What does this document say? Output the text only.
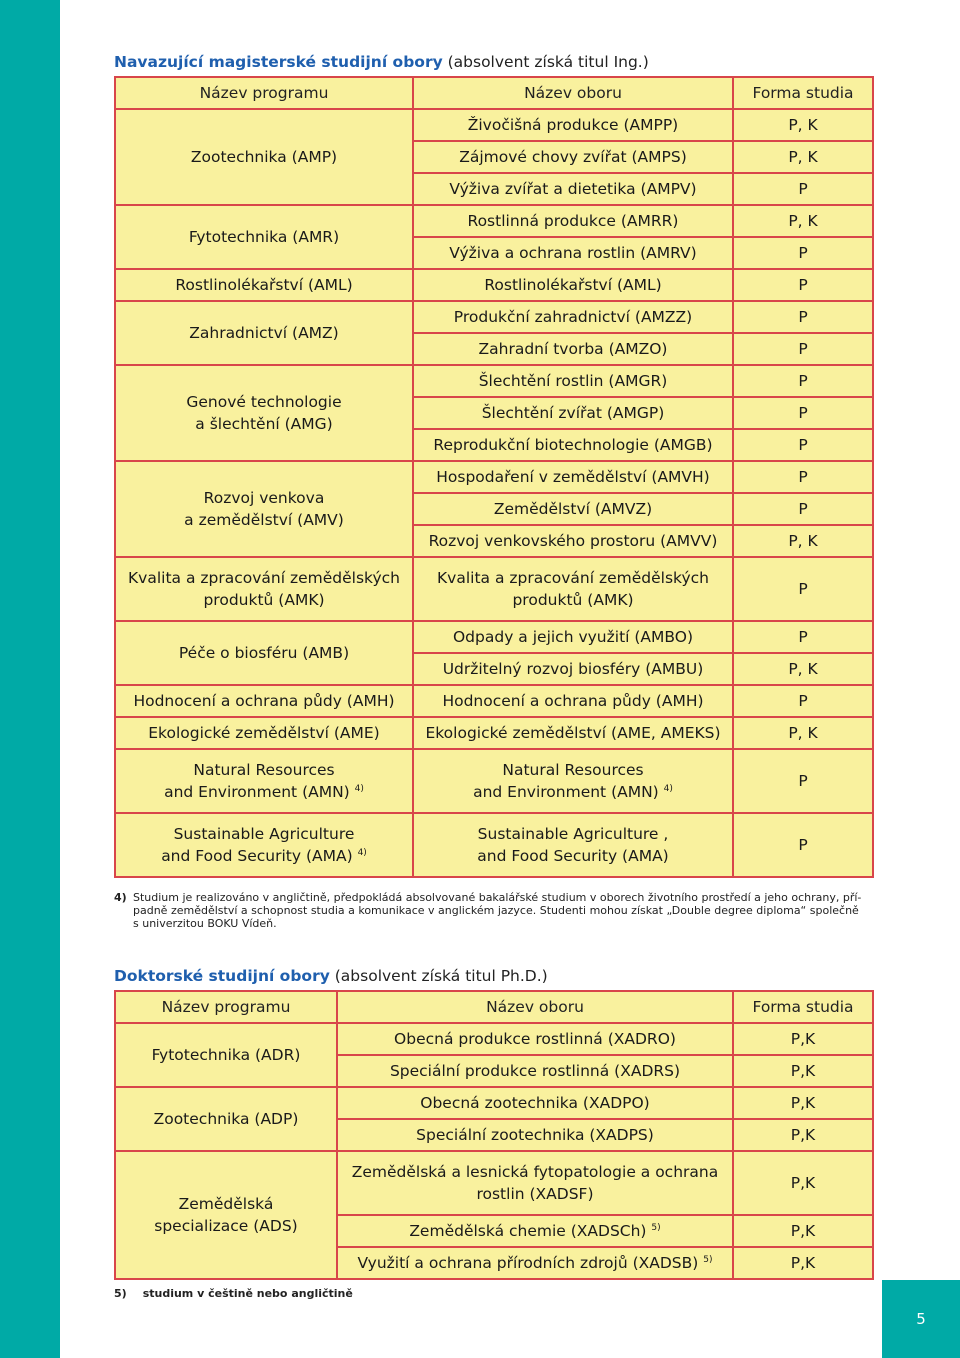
Navazující magisterské studijní obory (absolvent získá titul Ing.)
Název programu	Název oboru	Forma studia
Zootechnika (AMP)	Živočišná produkce (AMPP)	P, K
	Zájmové chovy zvířat (AMPS)	P, K
	Výživa zvířat a dietetika (AMPV)	P
Fytotechnika (AMR)	Rostlinná produkce (AMRR)	P, K
	Výživa a ochrana rostlin (AMRV)	P
Rostlinolékařství (AML)	Rostlinolékařství (AML)	P
Zahradnictví (AMZ)	Produkční zahradnictví (AMZZ)	P
	Zahradní tvorba (AMZO)	P
Genové technologie
a šlechtění (AMG)	Šlechtění rostlin (AMGR)	P
	Šlechtění zvířat (AMGP)	P
	Reprodukční biotechnologie (AMGB)	P
Rozvoj venkova
a zemědělství (AMV)	Hospodaření v zemědělství (AMVH)	P
	Zemědělství (AMVZ)	P
	Rozvoj venkovského prostoru (AMVV)	P, K
Kvalita a zpracování zemědělských
produktů (AMK)	Kvalita a zpracování zemědělských
produktů (AMK)	P
Péče o biosféru (AMB)	Odpady a jejich využití (AMBO)	P
	Udržitelný rozvoj biosféry (AMBU)	P, K
Hodnocení a ochrana půdy (AMH)	Hodnocení a ochrana půdy (AMH)	P
Ekologické zemědělství (AME)	Ekologické zemědělství (AME, AMEKS)	P, K
Natural Resources
and Environment (AMN) $^{4)}$	Natural Resources
and Environment (AMN) $^{4)}$	P
Sustainable Agriculture
and Food Security (AMA) $^{4)}$	Sustainable Agriculture ,
and Food Security (AMA)	P
4) Studium je realizováno v angličtině, předpokládá absolvované bakalářské studium v oborech životního prostředí a jeho ochrany, pří-
padně zemědělství a schopnost studia a komunikace v anglickém jazyce. Studenti mohou získat „Double degree diploma“ společně
s univerzitou BOKU Vídeň.
Doktorské studijní obory (absolvent získá titul Ph.D.)
Název programu	Název oboru	Forma studia
Fytotechnika (ADR)	Obecná produkce rostlinná (XADRO)	P,K
	Speciální produkce rostlinná (XADRS)	P,K
Zootechnika (ADP)	Obecná zootechnika (XADPO)	P,K
	Speciální zootechnika (XADPS)	P,K
Zemědělská
specializace (ADS)	Zemědělská a lesnická fytopatologie a ochrana
rostlin (XADSF)	P,K
	Zemědělská chemie (XADSCh) $^{5)}$	P,K
	Využití a ochrana přírodních zdrojů (XADSB) $^{5)}$	P,K
5) studium v češtině nebo angličtině
5
